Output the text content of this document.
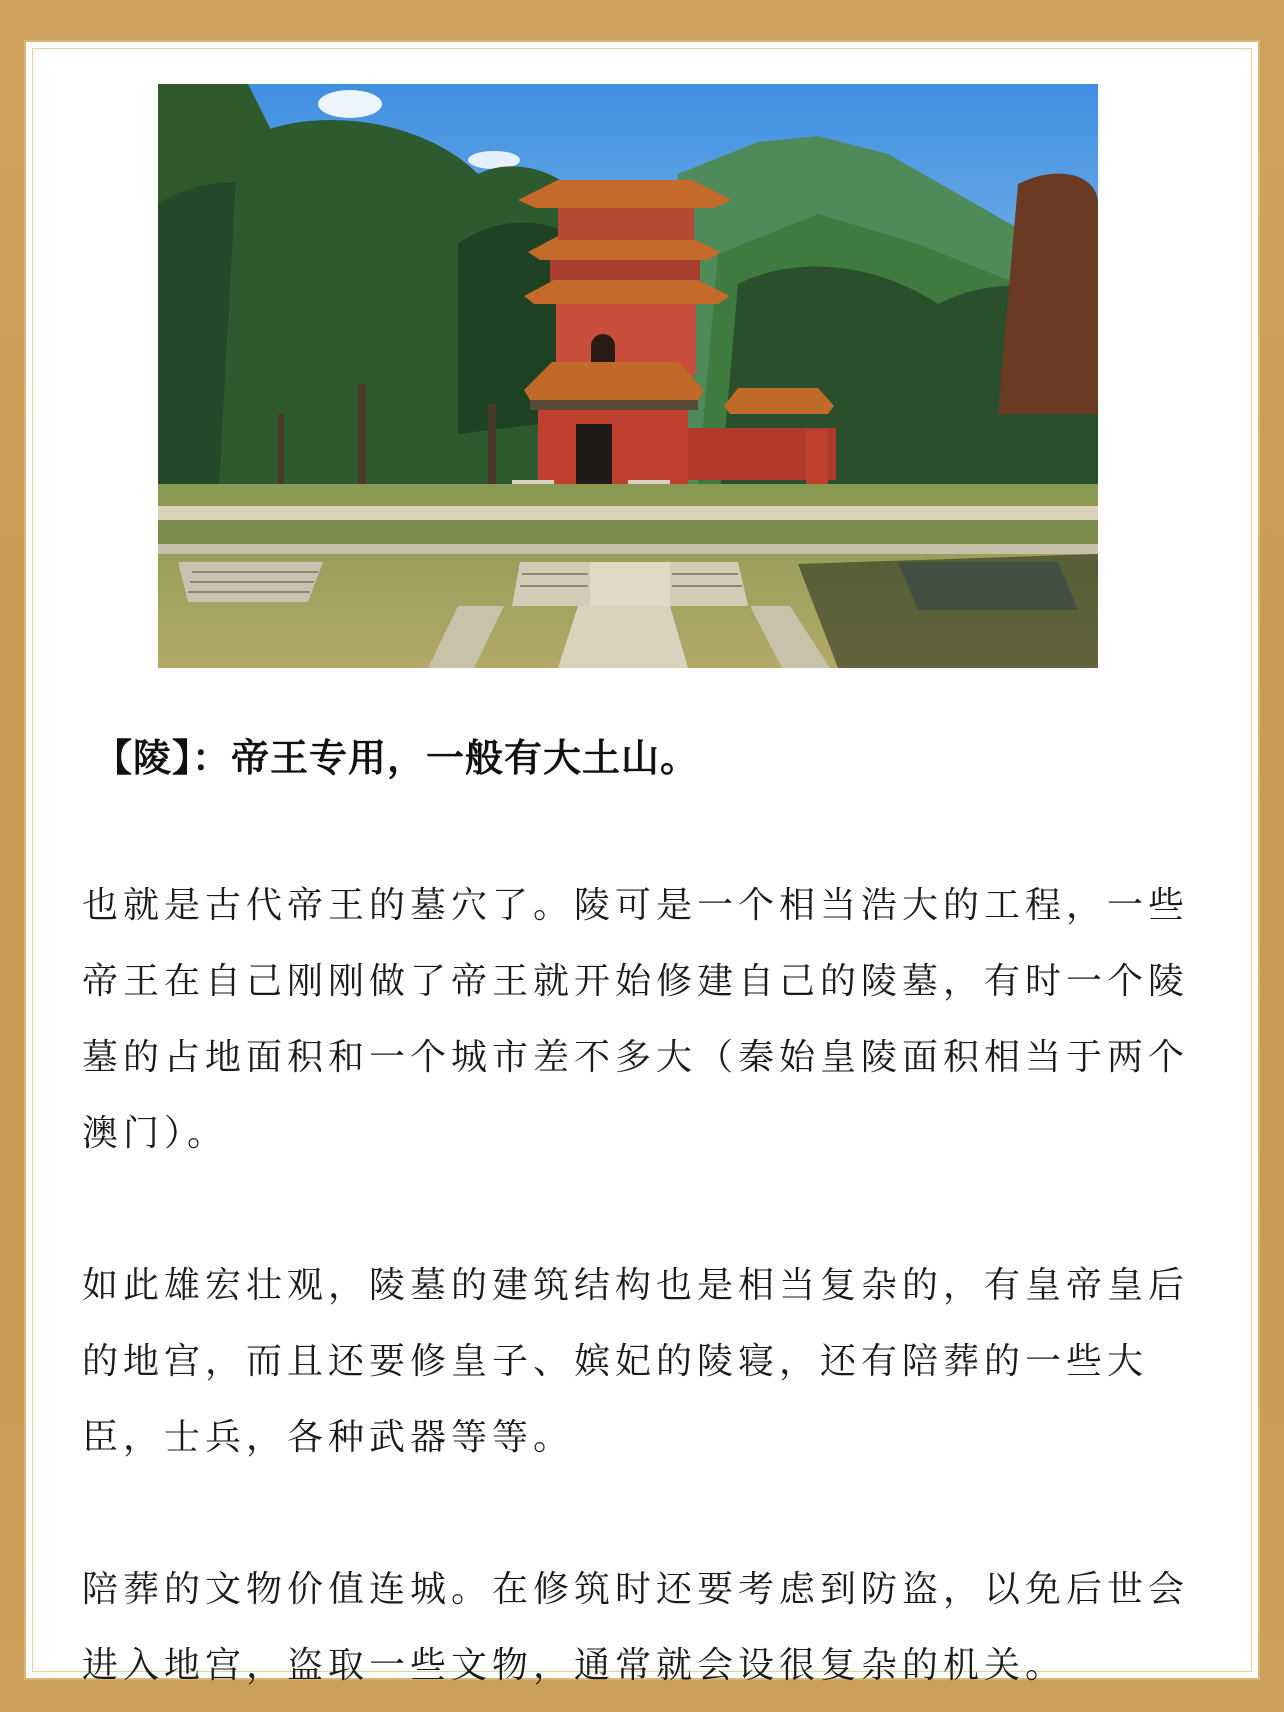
【陵】：帝王专用，一般有大土山。
也就是古代帝王的墓穴了。陵可是一个相当浩大的工程，一些帝王在自己刚刚做了帝王就开始修建自己的陵墓，有时一个陵墓的占地面积和一个城市差不多大（秦始皇陵面积相当于两个澳门）。
如此雄宏壮观，陵墓的建筑结构也是相当复杂的，有皇帝皇后的地宫，而且还要修皇子、嫔妃的陵寝，还有陪葬的一些大臣，士兵，各种武器等等。
陪葬的文物价值连城。在修筑时还要考虑到防盗，以免后世会进入地宫，盗取一些文物，通常就会设很复杂的机关。
